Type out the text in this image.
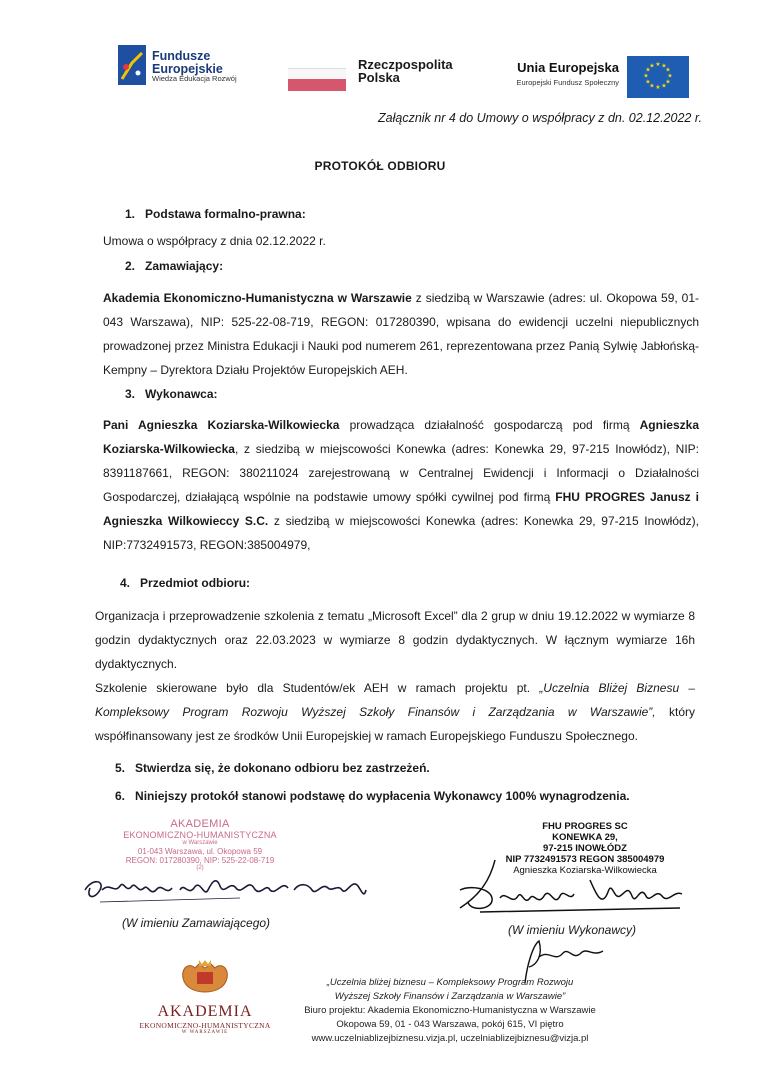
Fundusze
Europejskie
Wiedza Edukacja Rozwój
Rzeczpospolita
Polska
Unia Europejska
Europejski Fundusz Społeczny
★ ★
★
★
★
★
★
★
★
★
★
★
Załącznik nr 4 do Umowy o współpracy z dn. 02.12.2022 r.
PROTOKÓŁ ODBIORU
1. Podstawa formalno-prawna:
Umowa o współpracy z dnia 02.12.2022 r.
2. Zamawiający:
Akademia Ekonomiczno-Humanistyczna w Warszawie z siedzibą w Warszawie (adres: ul. Okopowa 59, 01-043 Warszawa), NIP: 525-22-08-719, REGON: 017280390, wpisana do ewidencji uczelni niepublicznych prowadzonej przez Ministra Edukacji i Nauki pod numerem 261, reprezentowana przez Panią Sylwię Jabłońską-Kempny – Dyrektora Działu Projektów Europejskich AEH.
3. Wykonawca:
Pani Agnieszka Koziarska-Wilkowiecka prowadząca działalność gospodarczą pod firmą Agnieszka Koziarska-Wilkowiecka, z siedzibą w miejscowości Konewka (adres: Konewka 29, 97-215 Inowłódz), NIP: 8391187661, REGON: 380211024 zarejestrowaną w Centralnej Ewidencji i Informacji o Działalności Gospodarczej, działającą wspólnie na podstawie umowy spółki cywilnej pod firmą FHU PROGRES Janusz i Agnieszka Wilkowieccy S.C. z siedzibą w miejscowości Konewka (adres: Konewka 29, 97-215 Inowłódz), NIP:7732491573, REGON:385004979,
4. Przedmiot odbioru:
Organizacja i przeprowadzenie szkolenia z tematu „Microsoft Excel” dla 2 grup w dniu 19.12.2022 w wymiarze 8 godzin dydaktycznych oraz 22.03.2023 w wymiarze 8 godzin dydaktycznych. W łącznym wymiarze 16h dydaktycznych.
Szkolenie skierowane było dla Studentów/ek AEH w ramach projektu pt. „Uczelnia Bliżej Biznesu – Kompleksowy Program Rozwoju Wyższej Szkoły Finansów i Zarządzania w Warszawie”, który współfinansowany jest ze środków Unii Europejskiej w ramach Europejskiego Funduszu Społecznego.
5. Stwierdza się, że dokonano odbioru bez zastrzeżeń.
6. Niniejszy protokół stanowi podstawę do wypłacenia Wykonawcy 100% wynagrodzenia.
AKADEMIA
EKONOMICZNO-HUMANISTYCZNA
w Warszawie
01-043 Warszawa, ul. Okopowa 59
REGON: 017280390, NIP: 525-22-08-719
(2)
(W imieniu Zamawiającego)
FHU PROGRES SC
KONEWKA 29,
97-215 INOWŁÓDZ
NIP 7732491573 REGON 385004979
Agnieszka Koziarska-Wilkowiecka
(W imieniu Wykonawcy)
AKADEMIA
EKONOMICZNO-HUMANISTYCZNA
W WARSZAWIE
„Uczelnia bliżej biznesu – Kompleksowy Program Rozwoju
Wyższej Szkoły Finansów i Zarządzania w Warszawie”
Biuro projektu: Akademia Ekonomiczno-Humanistyczna w Warszawie
Okopowa 59, 01 - 043 Warszawa, pokój 615, VI piętro
www.uczelniablizejbiznesu.vizja.pl, uczelniablizejbiznesu@vizja.pl
